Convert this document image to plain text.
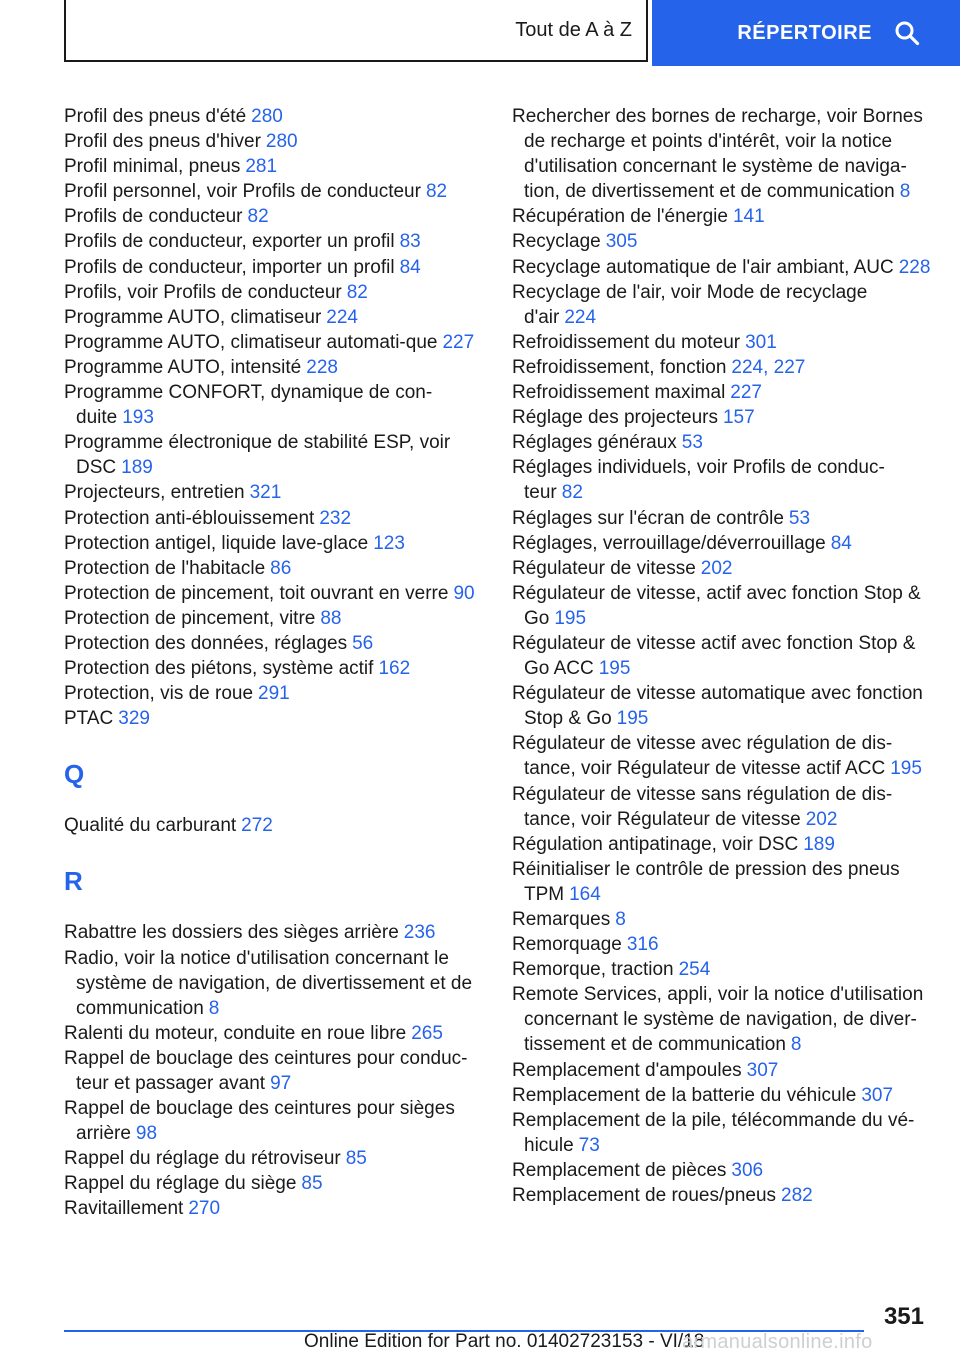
Tout de A à Z	RÉPERTOIRE
Profil des pneus d'été 280
Profil des pneus d'hiver 280
Profil minimal, pneus 281
Profil personnel, voir Profils de conducteur 82
Profils de conducteur 82
Profils de conducteur, exporter un profil 83
Profils de conducteur, importer un profil 84
Profils, voir Profils de conducteur 82
Programme AUTO, climatiseur 224
Programme AUTO, climatiseur automati-que 227
Programme AUTO, intensité 228
Programme CONFORT, dynamique de con-duite 193
Programme électronique de stabilité ESP, voir DSC 189
Projecteurs, entretien 321
Protection anti-éblouissement 232
Protection antigel, liquide lave-glace 123
Protection de l'habitacle 86
Protection de pincement, toit ouvrant en verre 90
Protection de pincement, vitre 88
Protection des données, réglages 56
Protection des piétons, système actif 162
Protection, vis de roue 291
PTAC 329
Q
Qualité du carburant 272
R
Rabattre les dossiers des sièges arrière 236
Radio, voir la notice d'utilisation concernant le système de navigation, de divertissement et de communication 8
Ralenti du moteur, conduite en roue libre 265
Rappel de bouclage des ceintures pour conduc-teur et passager avant 97
Rappel de bouclage des ceintures pour sièges arrière 98
Rappel du réglage du rétroviseur 85
Rappel du réglage du siège 85
Ravitaillement 270
Rechercher des bornes de recharge, voir Bornes de recharge et points d'intérêt, voir la notice d'utilisation concernant le système de naviga-tion, de divertissement et de communication 8
Récupération de l'énergie 141
Recyclage 305
Recyclage automatique de l'air ambiant, AUC 228
Recyclage de l'air, voir Mode de recyclage d'air 224
Refroidissement du moteur 301
Refroidissement, fonction 224, 227
Refroidissement maximal 227
Réglage des projecteurs 157
Réglages généraux 53
Réglages individuels, voir Profils de conduc-teur 82
Réglages sur l'écran de contrôle 53
Réglages, verrouillage/déverrouillage 84
Régulateur de vitesse 202
Régulateur de vitesse, actif avec fonction Stop & Go 195
Régulateur de vitesse actif avec fonction Stop & Go ACC 195
Régulateur de vitesse automatique avec fonction Stop & Go 195
Régulateur de vitesse avec régulation de dis-tance, voir Régulateur de vitesse actif ACC 195
Régulateur de vitesse sans régulation de dis-tance, voir Régulateur de vitesse 202
Régulation antipatinage, voir DSC 189
Réinitialiser le contrôle de pression des pneus TPM 164
Remarques 8
Remorquage 316
Remorque, traction 254
Remote Services, appli, voir la notice d'utilisation concernant le système de navigation, de diver-tissement et de communication 8
Remplacement d'ampoules 307
Remplacement de la batterie du véhicule 307
Remplacement de la pile, télécommande du vé-hicule 73
Remplacement de pièces 306
Remplacement de roues/pneus 282
351
Online Edition for Part no. 01402723153 - VI/18
armanualsonline.info
